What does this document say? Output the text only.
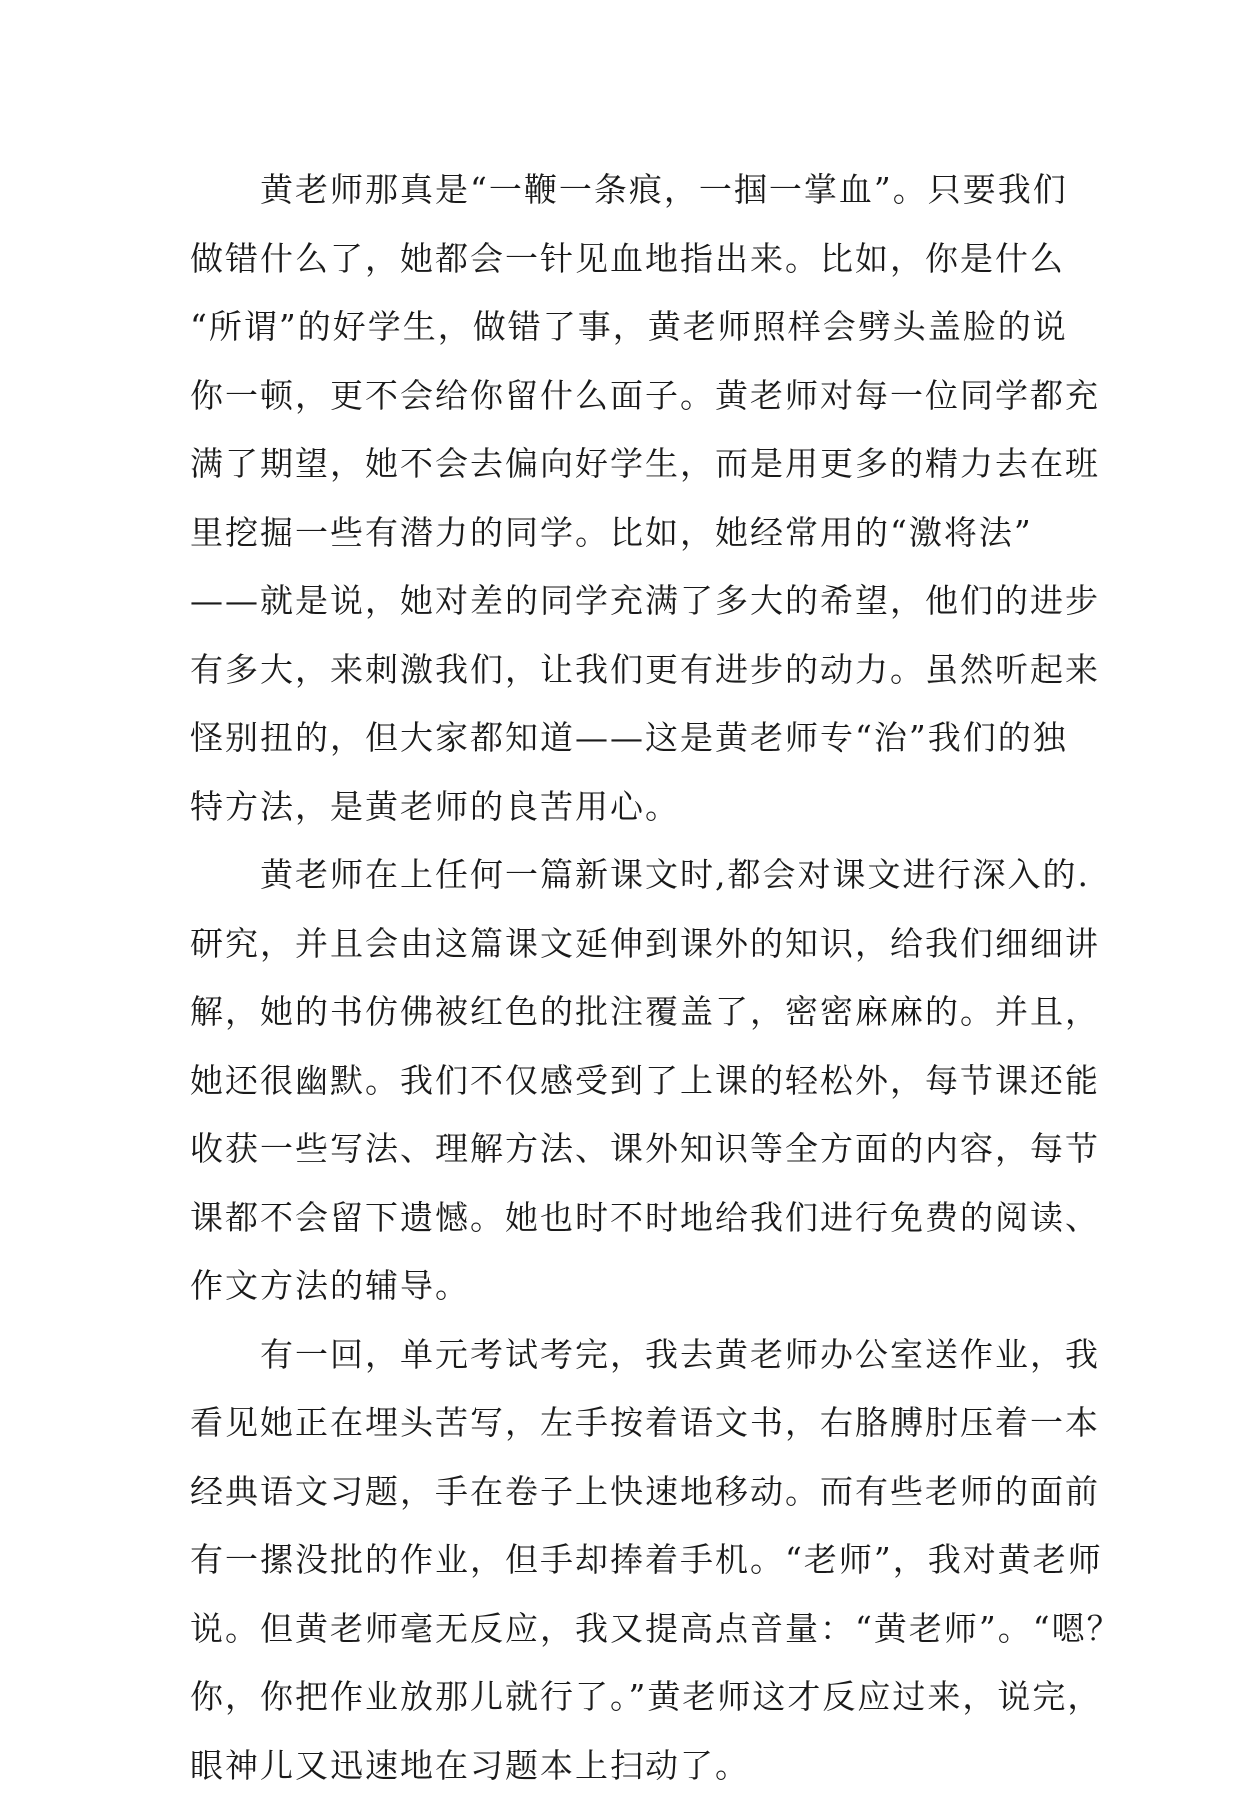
黄老师那真是“一鞭一条痕，一掴一掌血”。只要我们
做错什么了，她都会一针见血地指出来。比如，你是什么
“所谓”的好学生，做错了事，黄老师照样会劈头盖脸的说
你一顿，更不会给你留什么面子。黄老师对每一位同学都充
满了期望，她不会去偏向好学生，而是用更多的精力去在班
里挖掘一些有潜力的同学。比如，她经常用的“激将法”
——就是说，她对差的同学充满了多大的希望，他们的进步
有多大，来刺激我们，让我们更有进步的动力。虽然听起来
怪别扭的，但大家都知道——这是黄老师专“治”我们的独
特方法，是黄老师的良苦用心。
黄老师在上任何一篇新课文时,都会对课文进行深入的.
研究，并且会由这篇课文延伸到课外的知识，给我们细细讲
解，她的书仿佛被红色的批注覆盖了，密密麻麻的。并且，
她还很幽默。我们不仅感受到了上课的轻松外，每节课还能
收获一些写法、理解方法、课外知识等全方面的内容，每节
课都不会留下遗憾。她也时不时地给我们进行免费的阅读、
作文方法的辅导。
有一回，单元考试考完，我去黄老师办公室送作业，我
看见她正在埋头苦写，左手按着语文书，右胳膊肘压着一本
经典语文习题，手在卷子上快速地移动。而有些老师的面前
有一摞没批的作业，但手却捧着手机。“老师”，我对黄老师
说。但黄老师毫无反应，我又提高点音量：“黄老师”。“嗯？
你，你把作业放那儿就行了。”黄老师这才反应过来，说完，
眼神儿又迅速地在习题本上扫动了。
